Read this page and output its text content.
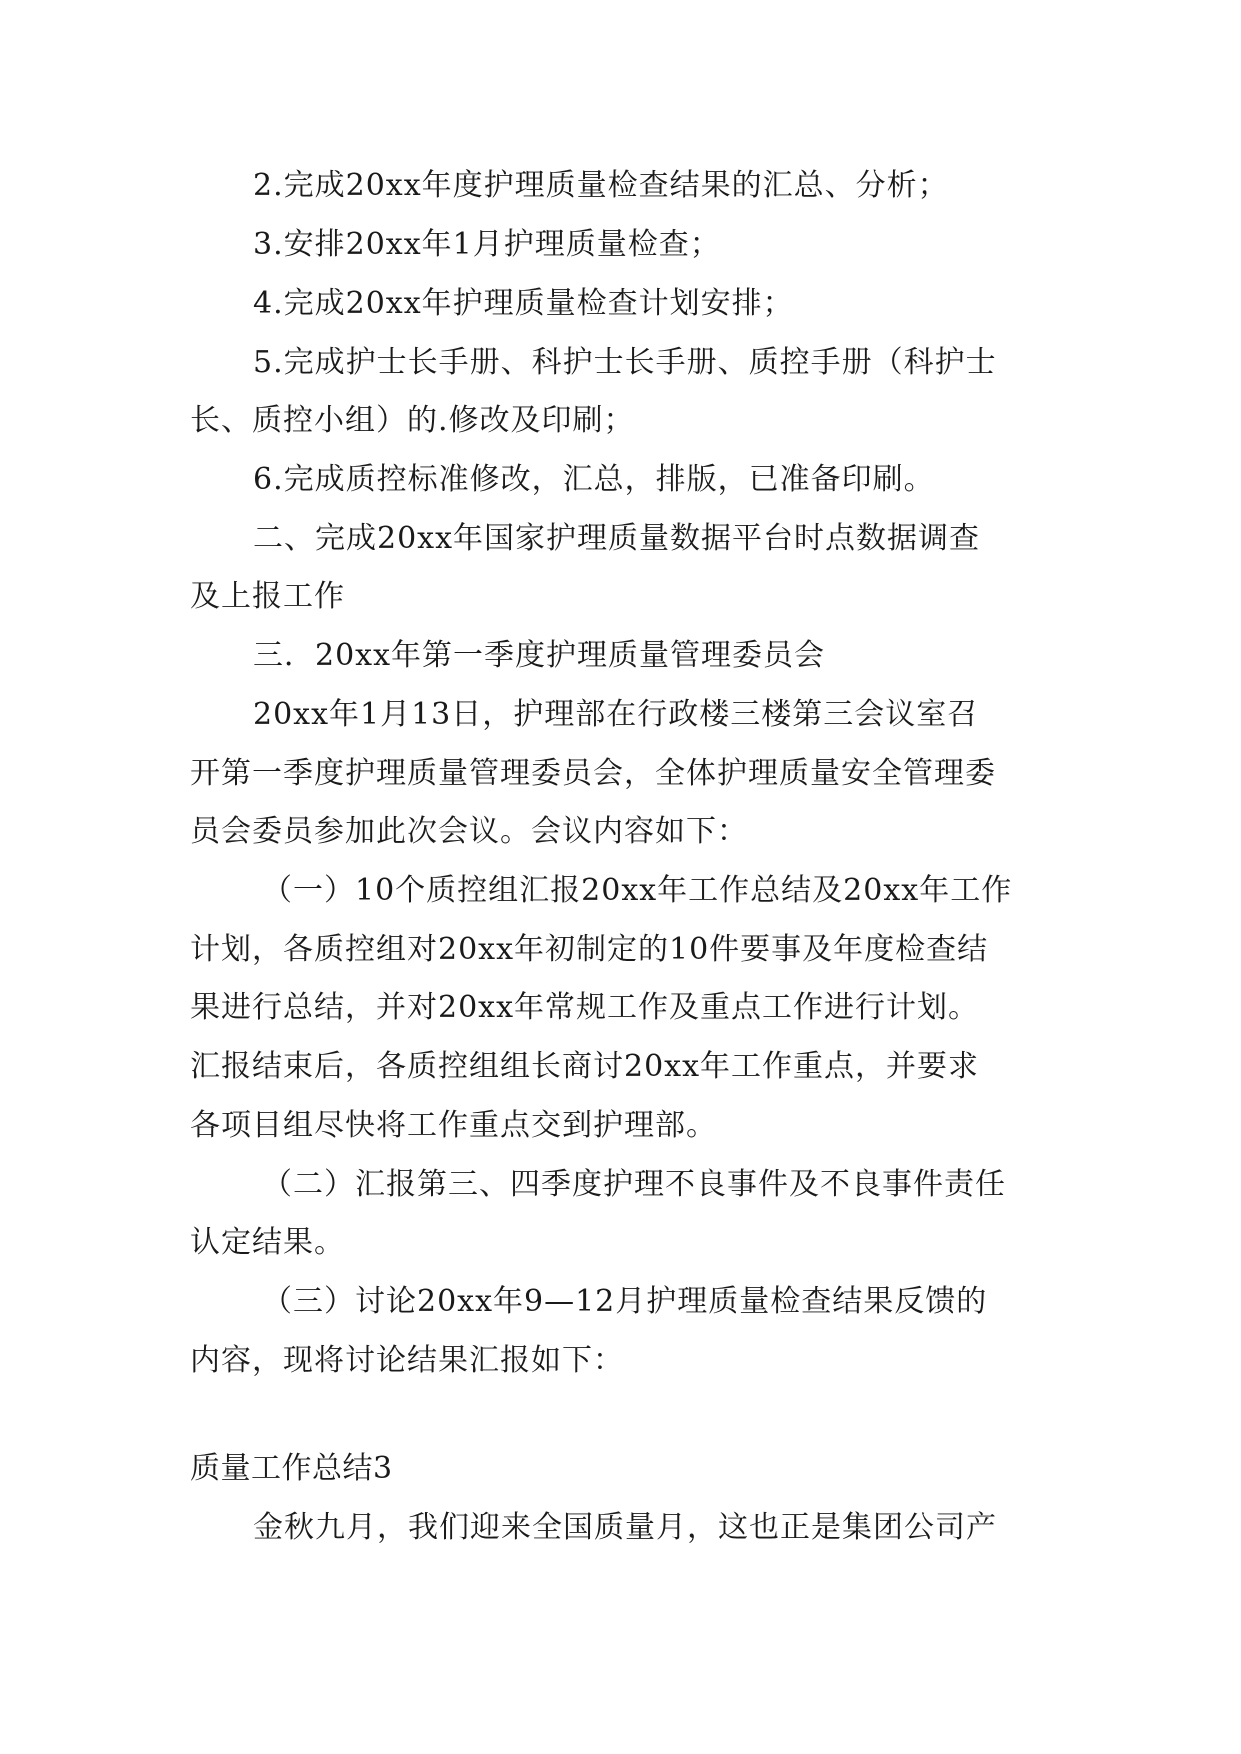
2.完成20xx年度护理质量检查结果的汇总、分析；
3.安排20xx年1月护理质量检查；
4.完成20xx年护理质量检查计划安排；
5.完成护士长手册、科护士长手册、质控手册（科护士
长、质控小组）的.修改及印刷；
6.完成质控标准修改，汇总，排版，已准备印刷。
二、完成20xx年国家护理质量数据平台时点数据调查
及上报工作
三．20xx年第一季度护理质量管理委员会
20xx年1月13日，护理部在行政楼三楼第三会议室召
开第一季度护理质量管理委员会，全体护理质量安全管理委
员会委员参加此次会议。会议内容如下：
（一）10个质控组汇报20xx年工作总结及20xx年工作
计划，各质控组对20xx年初制定的10件要事及年度检查结
果进行总结，并对20xx年常规工作及重点工作进行计划。
汇报结束后，各质控组组长商讨20xx年工作重点，并要求
各项目组尽快将工作重点交到护理部。
（二）汇报第三、四季度护理不良事件及不良事件责任
认定结果。
（三）讨论20xx年9—12月护理质量检查结果反馈的
内容，现将讨论结果汇报如下：
质量工作总结3
金秋九月，我们迎来全国质量月，这也正是集团公司产
